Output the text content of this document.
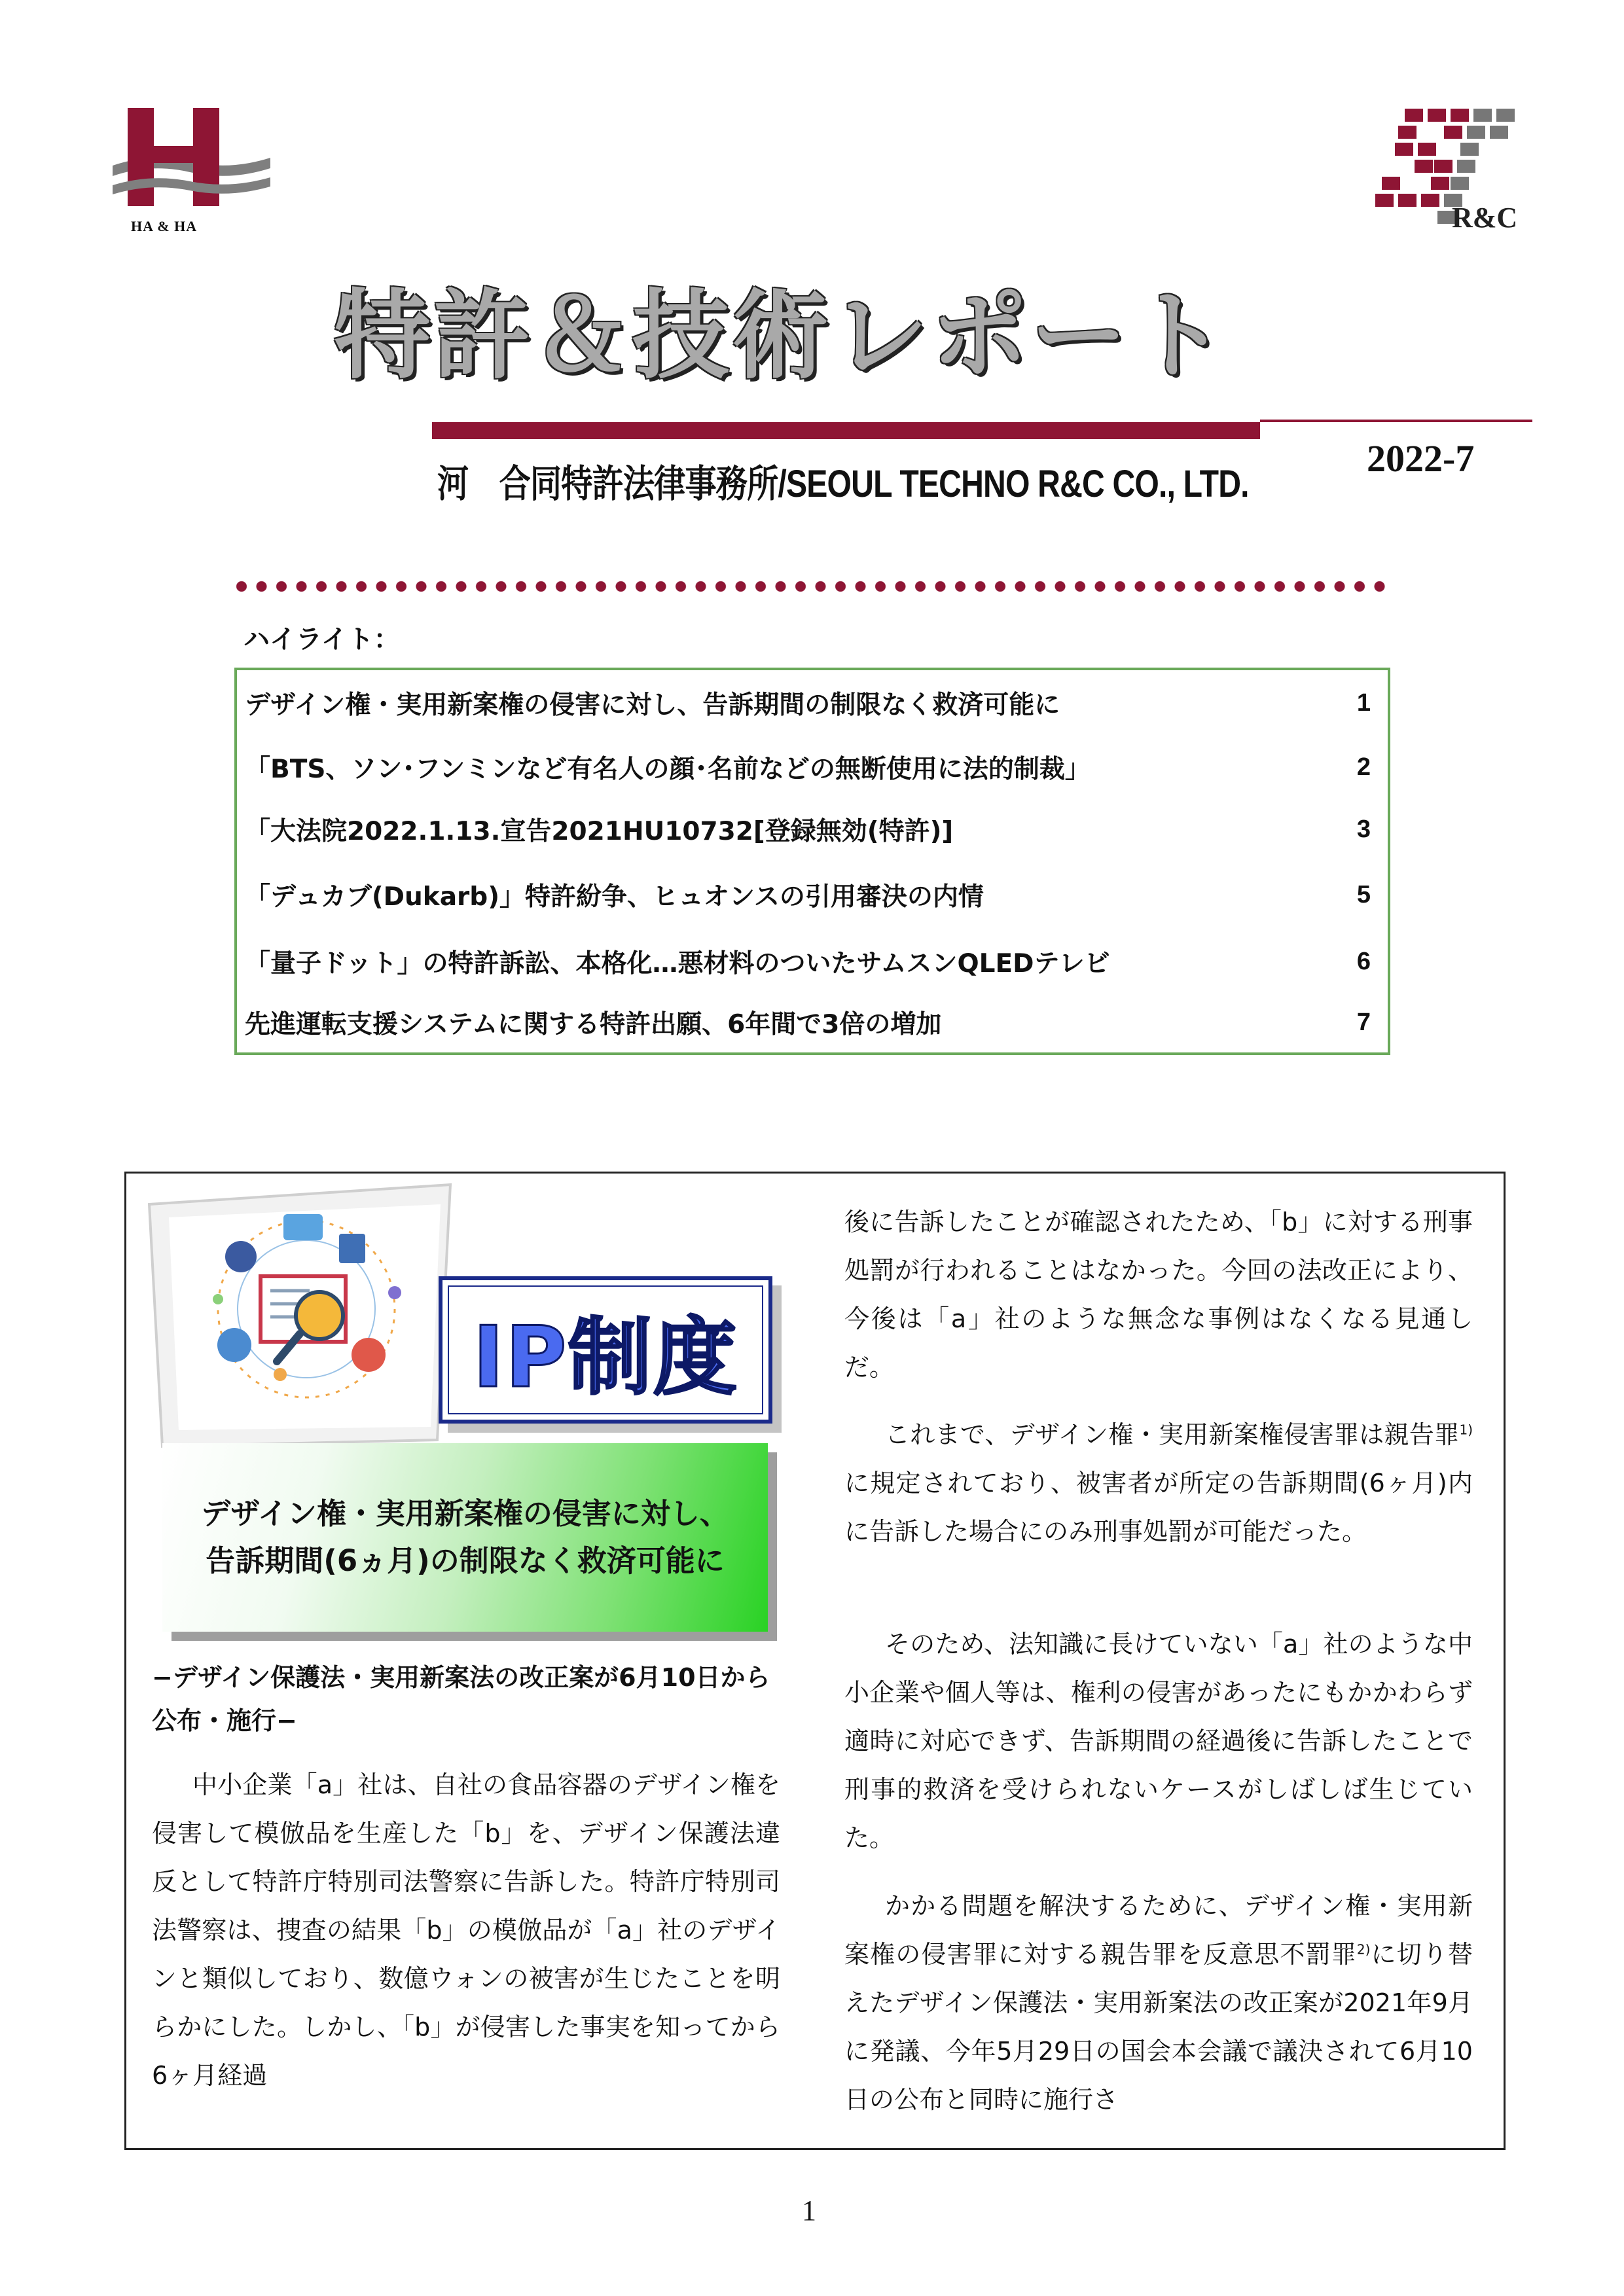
HA & HA	R&C
特許＆技術レポート
河　合同特許法律事務所/SEOUL TECHNO R&C CO., LTD.
2022-7
ハイライト：
デザイン権・実用新案権の侵害に対し、告訴期間の制限なく救済可能に	1
「BTS、ソン･フンミンなど有名人の顔･名前などの無断使用に法的制裁」	2
「大法院2022.1.13.宣告2021HU10732[登録無効(特許)]	3
「デュカブ(Dukarb)」特許紛争、ヒュオンスの引用審決の内情	5
「量子ドット」の特許訴訟、本格化…悪材料のついたサムスンQLEDテレビ	6
先進運転支援システムに関する特許出願、6年間で3倍の増加	7
IP制度
デザイン権・実用新案権の侵害に対し、告訴期間(6ヵ月)の制限なく救済可能に
−デザイン保護法・実用新案法の改正案が6月10日から公布・施行−
中小企業「a」社は、自社の食品容器のデザイン権を侵害して模倣品を生産した「b」を、デザイン保護法違反として特許庁特別司法警察に告訴した。特許庁特別司法警察は、捜査の結果「b」の模倣品が「a」社のデザインと類似しており、数億ウォンの被害が生じたことを明らかにした。しかし、「b」が侵害した事実を知ってから6ヶ月経過
後に告訴したことが確認されたため、「b」に対する刑事処罰が行われることはなかった。今回の法改正により、今後は「a」社のような無念な事例はなくなる見通しだ。
これまで、デザイン権・実用新案権侵害罪は親告罪$^{1)}$に規定されており、被害者が所定の告訴期間(6ヶ月)内に告訴した場合にのみ刑事処罰が可能だった。
そのため、法知識に長けていない「a」社のような中小企業や個人等は、権利の侵害があったにもかかわらず適時に対応できず、告訴期間の経過後に告訴したことで刑事的救済を受けられないケースがしばしば生じていた。
かかる問題を解決するために、デザイン権・実用新案権の侵害罪に対する親告罪を反意思不罰罪$^{2)}$に切り替えたデザイン保護法・実用新案法の改正案が2021年9月に発議、今年5月29日の国会本会議で議決されて6月10日の公布と同時に施行さ
1
